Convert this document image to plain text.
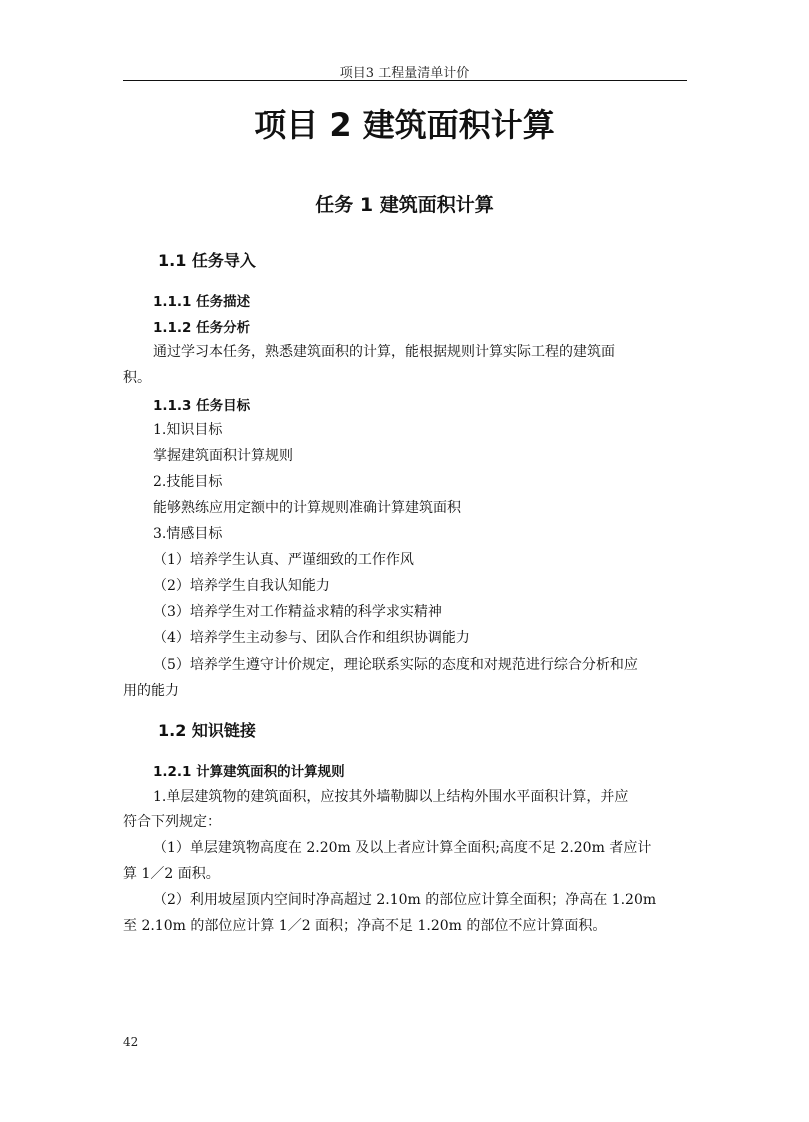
项目3 工程量清单计价
项目 2 建筑面积计算
任务 1 建筑面积计算
1.1 任务导入
1.1.1 任务描述
1.1.2 任务分析
通过学习本任务，熟悉建筑面积的计算，能根据规则计算实际工程的建筑面
积。
1.1.3 任务目标
1.知识目标
掌握建筑面积计算规则
2.技能目标
能够熟练应用定额中的计算规则准确计算建筑面积
3.情感目标
（1）培养学生认真、严谨细致的工作作风
（2）培养学生自我认知能力
（3）培养学生对工作精益求精的科学求实精神
（4）培养学生主动参与、团队合作和组织协调能力
（5）培养学生遵守计价规定，理论联系实际的态度和对规范进行综合分析和应
用的能力
1.2 知识链接
1.2.1 计算建筑面积的计算规则
1.单层建筑物的建筑面积，应按其外墙勒脚以上结构外围水平面积计算，并应
符合下列规定：
（1）单层建筑物高度在 2.20m 及以上者应计算全面积;高度不足 2.20m 者应计
算 1／2 面积。
（2）利用坡屋顶内空间时净高超过 2.10m 的部位应计算全面积；净高在 1.20m
至 2.10m 的部位应计算 1／2 面积；净高不足 1.20m 的部位不应计算面积。
42
